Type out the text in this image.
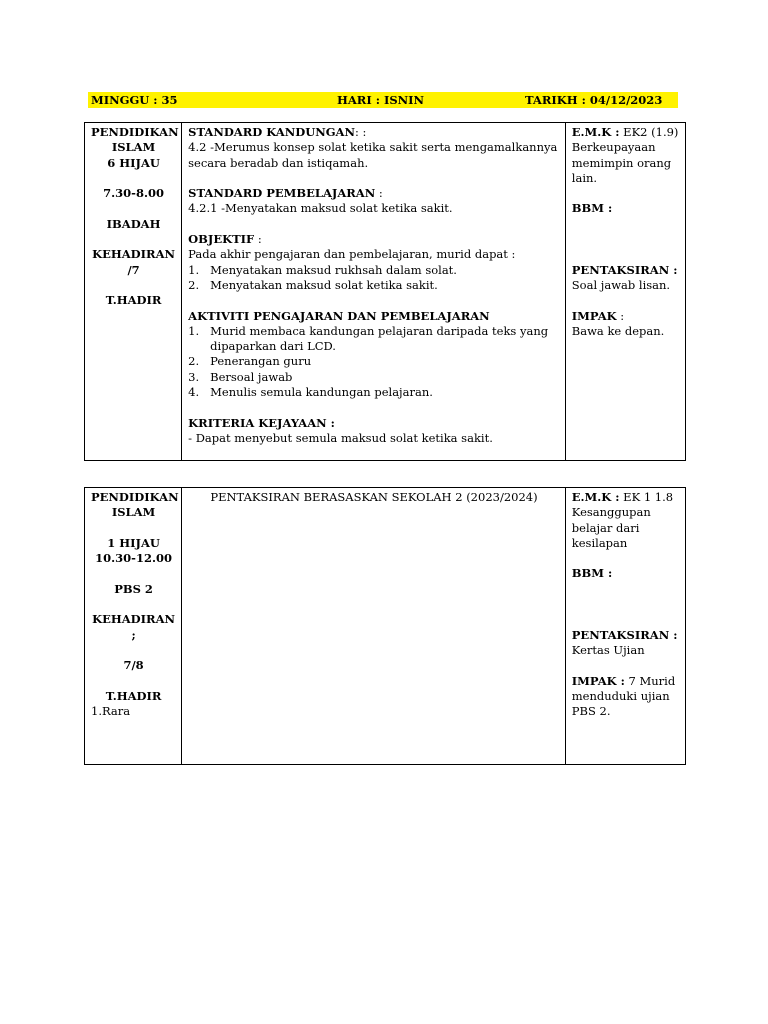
MINGGU : 35	HARI : ISNIN	TARIKH : 04/12/2023
PENDIDIKAN
ISLAM
6 HIJAU
7.30-8.00
IBADAH
KEHADIRAN
/7
T.HADIR

STANDARD KANDUNGAN: :
4.2 -Merumus konsep solat ketika sakit serta mengamalkannya
secara beradab dan istiqamah.
STANDARD PEMBELAJARAN :
4.2.1 -Menyatakan maksud solat ketika sakit.
OBJEKTIF :
Pada akhir pengajaran dan pembelajaran, murid dapat :
1. Menyatakan maksud rukhsah dalam solat.
2. Menyatakan maksud solat ketika sakit.
AKTIVITI PENGAJARAN DAN PEMBELAJARAN
1. Murid membaca kandungan pelajaran daripada teks yang dipaparkan dari LCD.
2. Penerangan guru
3. Bersoal jawab
4. Menulis semula kandungan pelajaran.
KRITERIA KEJAYAAN :
- Dapat menyebut semula maksud solat ketika sakit.

E.M.K : EK2 (1.9)
Berkeupayaan memimpin orang lain.
BBM :
PENTAKSIRAN :
Soal jawab lisan.
IMPAK :
Bawa ke depan.
PENDIDIKAN
ISLAM
1 HIJAU
10.30-12.00
PBS 2
KEHADIRAN ;
7/8
T.HADIR
1.Rara

PENTAKSIRAN BERASASKAN SEKOLAH 2 (2023/2024)	E.M.K : EK 1 1.8
Kesanggupan belajar dari kesilapan
BBM :
PENTAKSIRAN :
Kertas Ujian
IMPAK : 7 Murid menduduki ujian PBS 2.
